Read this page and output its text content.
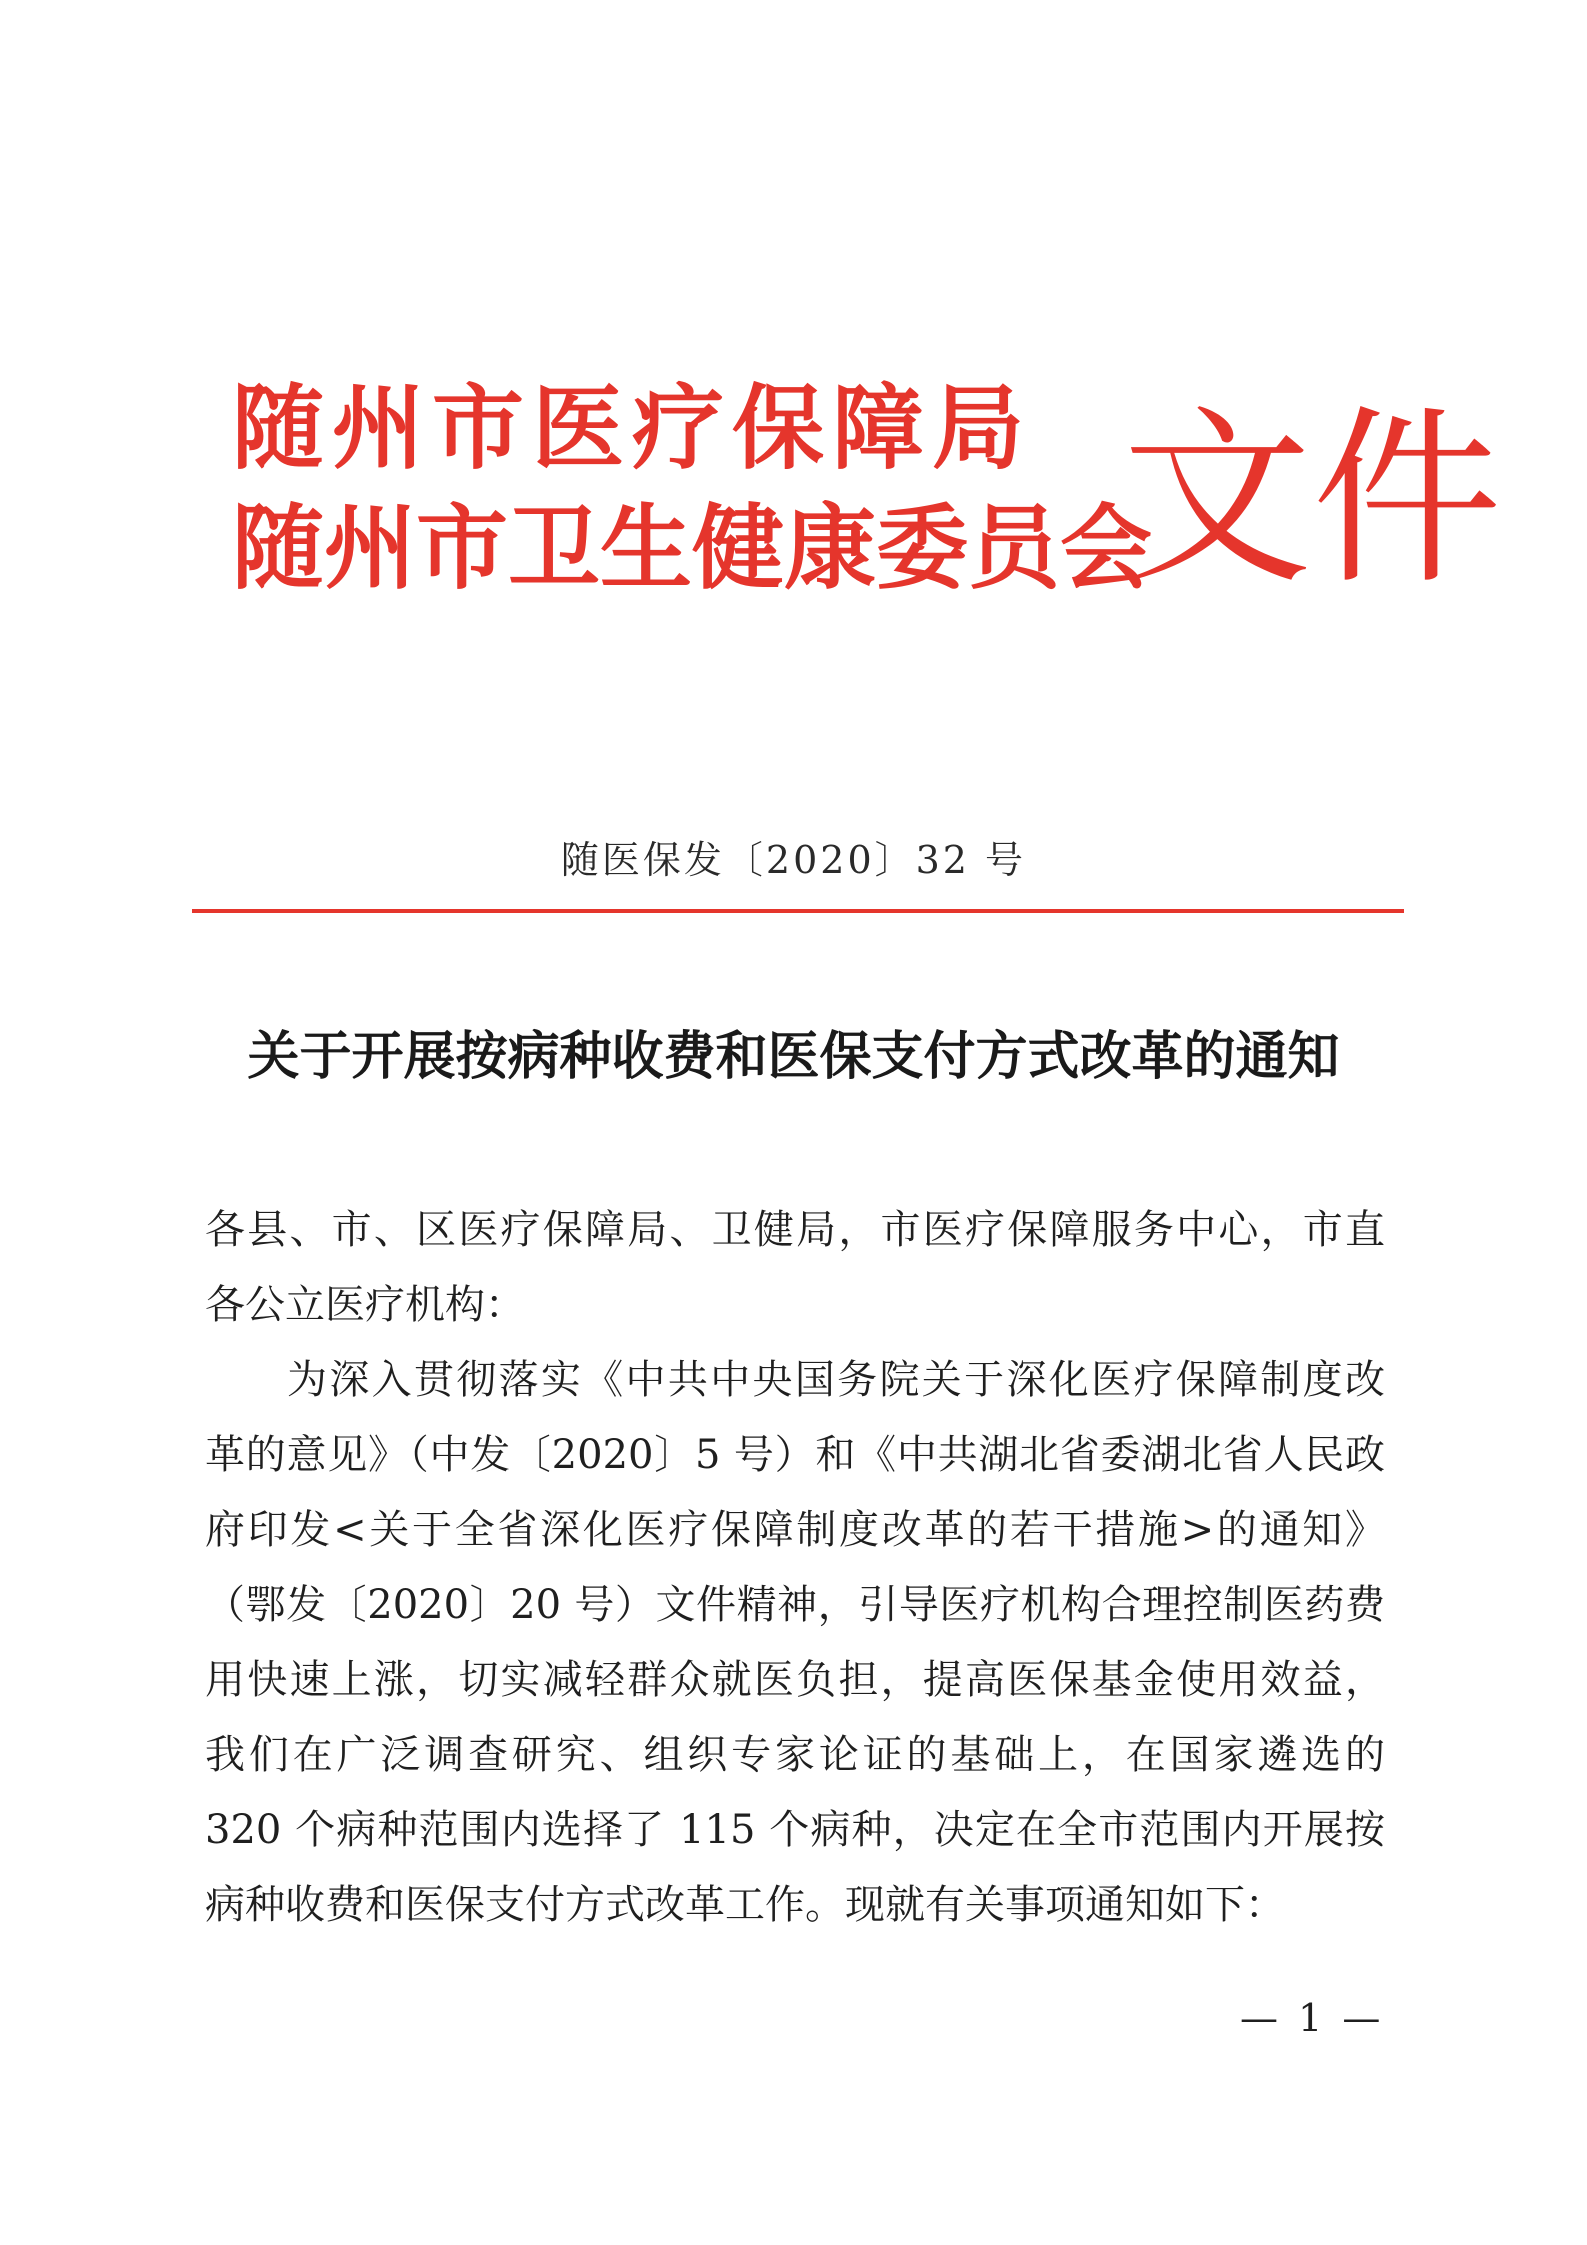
随州市医疗保障局
随州市卫生健康委员会
文件
随医保发〔2020〕32 号
关于开展按病种收费和医保支付方式改革的通知
各县、市、区医疗保障局、卫健局，市医疗保障服务中心，市直
各公立医疗机构：
为深入贯彻落实《中共中央国务院关于深化医疗保障制度改
革的意见》（中发〔2020〕5 号）和《中共湖北省委湖北省人民政
府印发<关于全省深化医疗保障制度改革的若干措施>的通知》
（鄂发〔2020〕20 号）文件精神，引导医疗机构合理控制医药费
用快速上涨，切实减轻群众就医负担，提高医保基金使用效益，
我们在广泛调查研究、组织专家论证的基础上，在国家遴选的
320 个病种范围内选择了 115 个病种，决定在全市范围内开展按
病种收费和医保支付方式改革工作。现就有关事项通知如下：
— 1 —
